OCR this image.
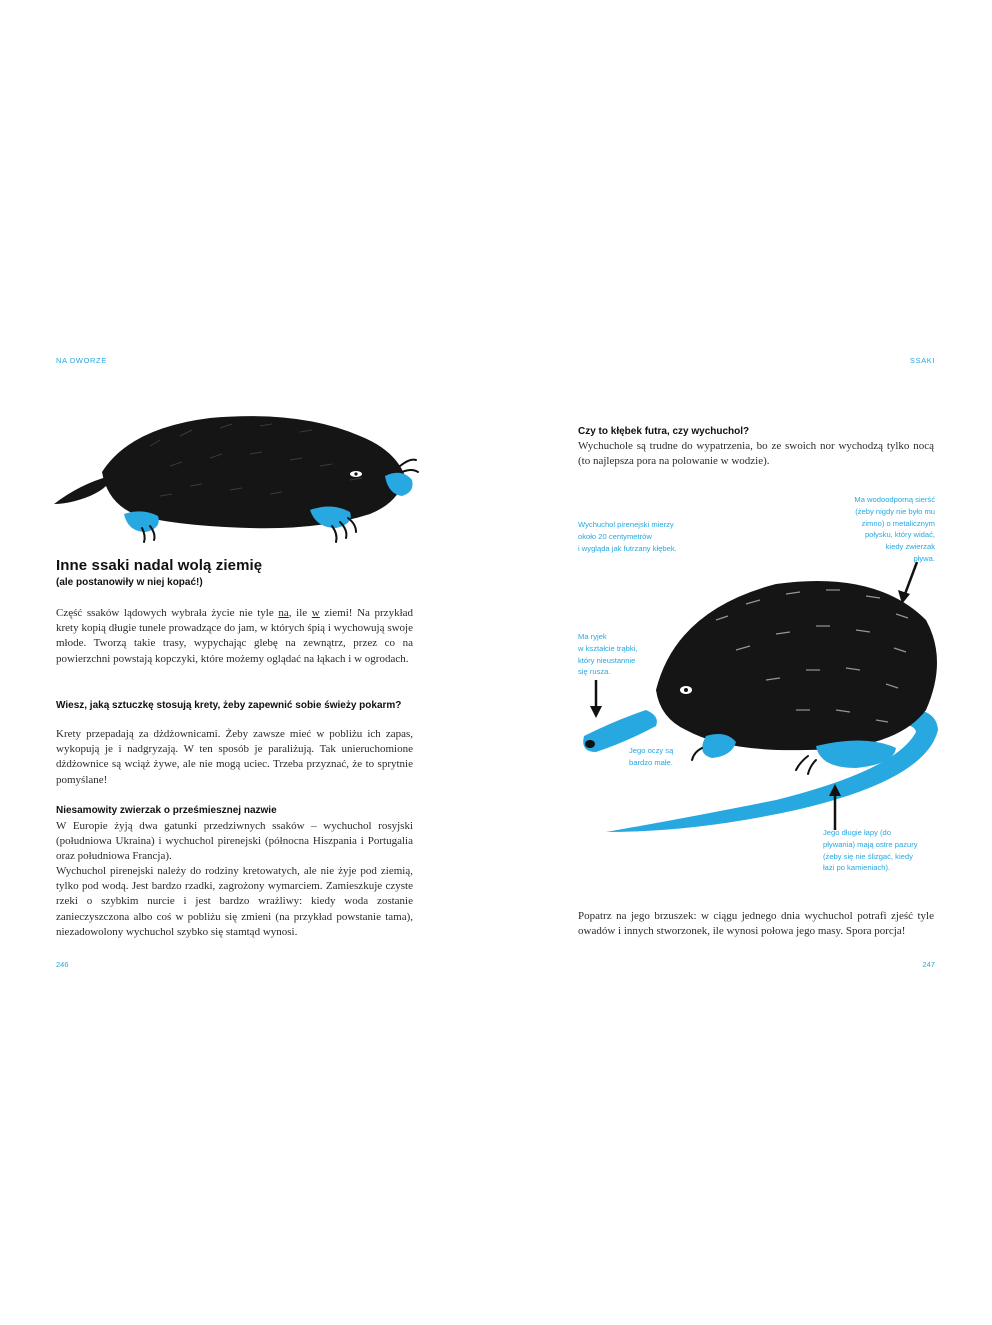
NA DWORZE
Inne ssaki nadal wolą ziemię
(ale postanowiły w niej kopać!)

Część ssaków lądowych wybrała życie nie tyle na, ile w ziemi! Na przykład krety kopią długie tunele prowadzące do jam, w których śpią i wychowują swoje młode. Tworzą takie trasy, wypychając glebę na zewnątrz, przez co na powierzchni powstają kopczyki, które możemy oglądać na łąkach i w ogrodach.

Wiesz, jaką sztuczkę stosują krety, żeby zapewnić sobie świeży pokarm?

Krety przepadają za dżdżownicami. Żeby zawsze mieć w pobliżu ich zapas, wykopują je i nadgryzają. W ten sposób je paraliżują. Tak unieruchomione dżdżownice są wciąż żywe, ale nie mogą uciec. Trzeba przyznać, że to sprytnie pomyślane!

Niesamowity zwierzak o prześmiesznej nazwie

W Europie żyją dwa gatunki przedziwnych ssaków – wychuchol rosyjski (południowa Ukraina) i wychuchol pirenejski (północna Hiszpania i Portugalia oraz południowa Francja).

Wychuchol pirenejski należy do rodziny kretowatych, ale nie żyje pod ziemią, tylko pod wodą. Jest bardzo rzadki, zagrożony wymarciem. Zamieszkuje czyste rzeki o szybkim nurcie i jest bardzo wrażliwy: kiedy woda zostanie zanieczyszczona albo coś w pobliżu się zmieni (na przykład powstanie tama), niezadowolony wychuchol szybko się stamtąd wynosi.

246
SSAKI
Czy to kłębek futra, czy wychuchol?

Wychuchole są trudne do wypatrzenia, bo ze swoich nor wychodzą tylko nocą (to najlepsza pora na polowanie w wodzie).

Wychuchol pirenejski mierzy
około 20 centymetrów
i wygląda jak futrzany kłębek.

Ma wodoodporną sierść
(żeby nigdy nie było mu
zimno) o metalicznym
połysku, który widać,
kiedy zwierzak
pływa.

Ma ryjek
w kształcie trąbki,
który nieustannie
się rusza.

Jego oczy są
bardzo małe.

Jego długie łapy (do
pływania) mają ostre pazury
(żeby się nie ślizgać, kiedy
łazi po kamieniach).

Popatrz na jego brzuszek: w ciągu jednego dnia wychuchol potrafi zjeść tyle owadów i innych stworzonek, ile wynosi połowa jego masy. Spora porcja!

247
